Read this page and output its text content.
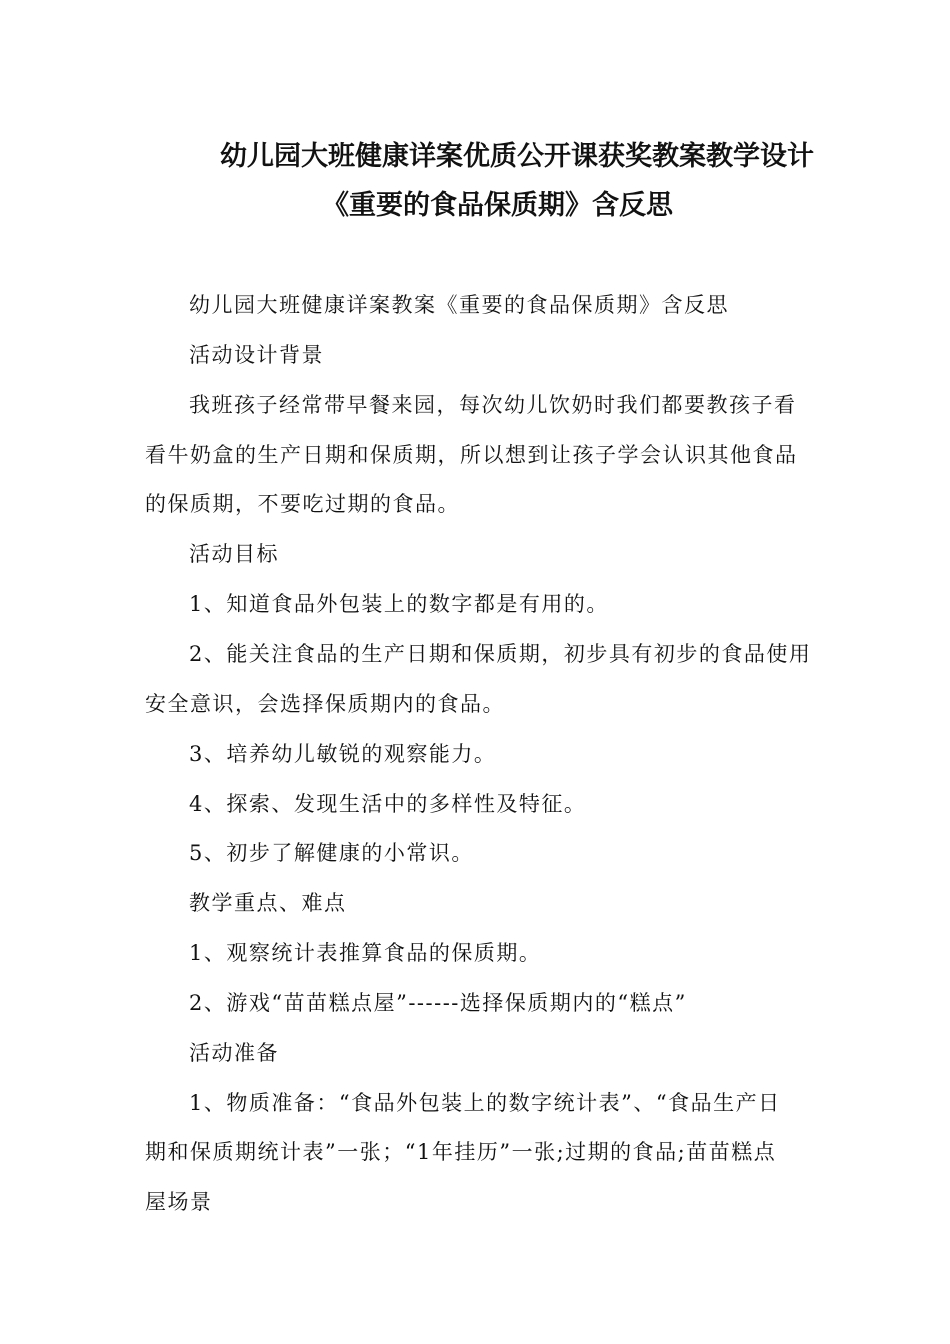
幼儿园大班健康详案优质公开课获奖教案教学设计
《重要的食品保质期》含反思
幼儿园大班健康详案教案《重要的食品保质期》含反思
活动设计背景
我班孩子经常带早餐来园，每次幼儿饮奶时我们都要教孩子看
看牛奶盒的生产日期和保质期，所以想到让孩子学会认识其他食品
的保质期，不要吃过期的食品。
活动目标
1、知道食品外包装上的数字都是有用的。
2、能关注食品的生产日期和保质期，初步具有初步的食品使用
安全意识，会选择保质期内的食品。
3、培养幼儿敏锐的观察能力。
4、探索、发现生活中的多样性及特征。
5、初步了解健康的小常识。
教学重点、难点
1、观察统计表推算食品的保质期。
2、游戏“苗苗糕点屋”------选择保质期内的“糕点”
活动准备
1、物质准备：“食品外包装上的数字统计表”、“食品生产日
期和保质期统计表”一张；“1年挂历”一张;过期的食品;苗苗糕点
屋场景
